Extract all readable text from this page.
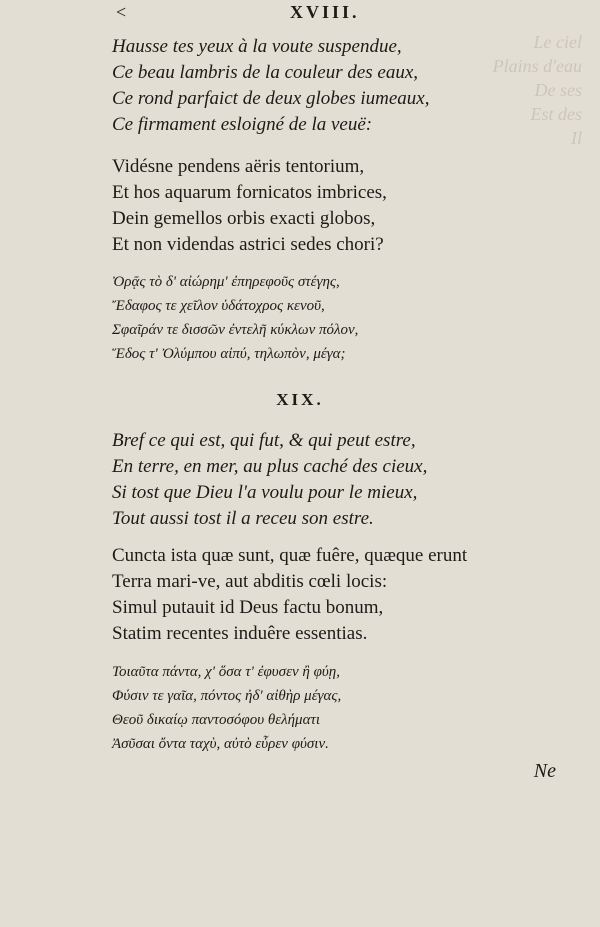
Le ciel
Plains d'eau
De ses
Est des
Il
<	XVIII.
Hausse tes yeux à la voute suspendue,
Ce beau lambris de la couleur des eaux,
Ce rond parfaict de deux globes iumeaux,
Ce firmament esloigné de la veuë:
Vidésne pendens aëris tentorium,
Et hos aquarum fornicatos imbrices,
Dein gemellos orbis exacti globos,
Et non videndas astrici sedes chori?
Ὀρᾷς τὸ δ' αἰώρημ' ἐπηρεφοῦς στέγης,
Ἔδαφος τε χεῖλον ὑδάτοχρος κενοῦ,
Σφαῖράν τε δισσῶν ἐντελῆ κύκλων πόλον,
Ἕδος τ' Ὀλύμπου αἰπύ, τηλωπὸν, μέγα;
XIX.
Bref ce qui est, qui fut, & qui peut estre,
En terre, en mer, au plus caché des cieux,
Si tost que Dieu l'a voulu pour le mieux,
Tout aussi tost il a receu son estre.
Cuncta ista quæ sunt, quæ fuêre, quæque erunt
Terra mari-ve, aut abditis cœli locis:
Simul putauit id Deus factu bonum,
Statim recentes induêre essentias.
Τοιαῦτα πάντα, χ' ὅσα τ' ἐφυσεν ἢ φύῃ,
Φύσιν τε γαῖα, πόντος ἠδ' αἰθὴρ μέγας,
Θεοῦ δικαίῳ παντοσόφου θελήματι
Ἀσῦσαι ὄντα ταχὺ, αὐτὸ εὗρεν φύσιν.
Ne
